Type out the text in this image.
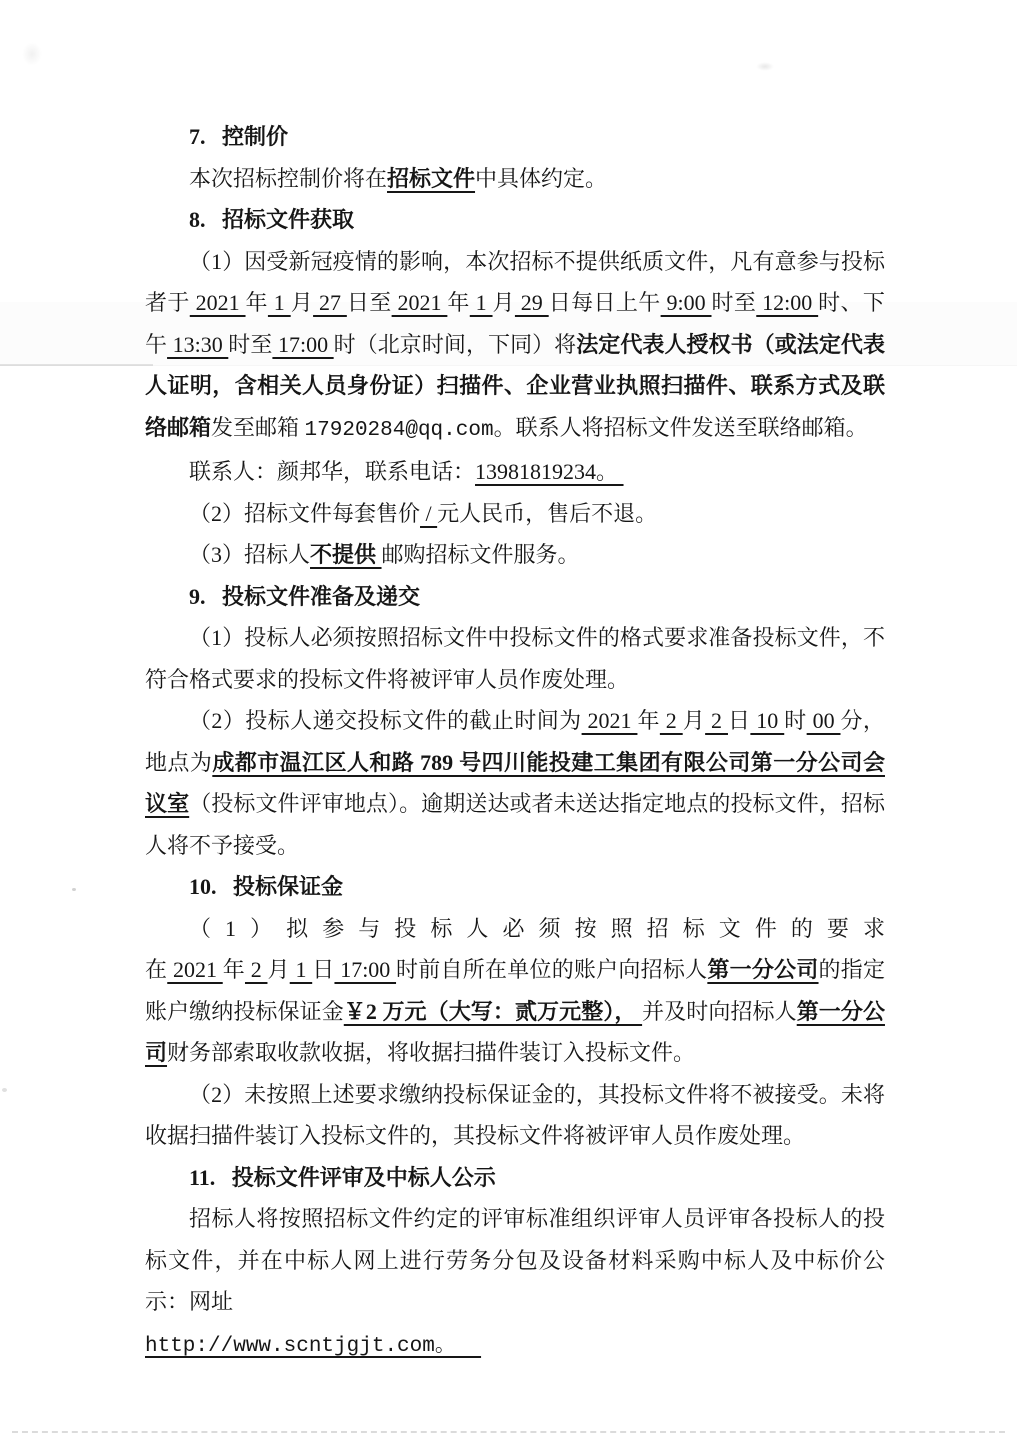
7.   控制价

本次招标控制价将在招标文件中具体约定。

8.   招标文件获取

（1）因受新冠疫情的影响，本次招标不提供纸质文件，凡有意参与投标者于 2021 年 1 月 27 日至 2021 年 1 月 29 日每日上午 9:00 时至 12:00 时、下午 13:30 时至 17:00 时（北京时间，下同）将法定代表人授权书（或法定代表人证明，含相关人员身份证）扫描件、企业营业执照扫描件、联系方式及联络邮箱发至邮箱 17920284@qq.com。联系人将招标文件发送至联络邮箱。

联系人：颜邦华，联系电话：13981819234。

（2）招标文件每套售价 / 元人民币，售后不退。

（3）招标人不提供 邮购招标文件服务。

9.   投标文件准备及递交

（1）投标人必须按照招标文件中投标文件的格式要求准备投标文件，不符合格式要求的投标文件将被评审人员作废处理。

（2）投标人递交投标文件的截止时间为 2021 年 2 月 2 日 10 时 00 分，地点为成都市温江区人和路 789 号四川能投建工集团有限公司第一分公司会议室（投标文件评审地点）。逾期送达或者未送达指定地点的投标文件，招标人将不予接受。

10.   投标保证金

（1）拟参与投标人必须按照招标文件的要求在 2021 年 2 月 1 日 17:00 时前自所在单位的账户向招标人第一分公司的指定账户缴纳投标保证金￥2 万元（大写：贰万元整）， 并及时向招标人第一分公司财务部索取收款收据，将收据扫描件装订入投标文件。

（2）未按照上述要求缴纳投标保证金的，其投标文件将不被接受。未将收据扫描件装订入投标文件的，其投标文件将被评审人员作废处理。

11.   投标文件评审及中标人公示

招标人将按照招标文件约定的评审标准组织评审人员评审各投标人的投标文件，并在中标人网上进行劳务分包及设备材料采购中标人及中标价公示：网址

http://www.scntjgjt.com。
